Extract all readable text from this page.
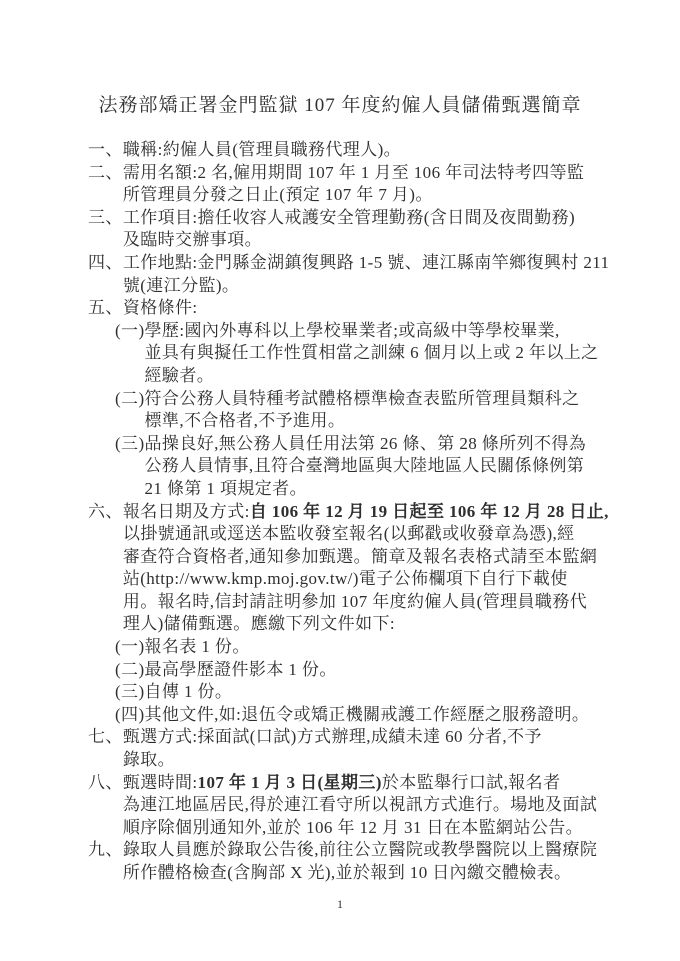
法務部矯正署金門監獄 107 年度約僱人員儲備甄選簡章
一、 職稱:約僱人員(管理員職務代理人)。
二、 需用名額:2 名,僱用期間 107 年 1 月至 106 年司法特考四等監
所管理員分發之日止(預定 107 年 7 月)。
三、 工作項目:擔任收容人戒護安全管理勤務(含日間及夜間勤務)
及臨時交辦事項。
四、 工作地點:金門縣金湖鎮復興路 1-5 號、連江縣南竿鄉復興村 211
號(連江分監)。
五、 資格條件:
(一) 學歷:國內外專科以上學校畢業者;或高級中等學校畢業,
並具有與擬任工作性質相當之訓練 6 個月以上或 2 年以上之
經驗者。
(二) 符合公務人員特種考試體格標準檢查表監所管理員類科之
標準,不合格者,不予進用。
(三) 品操良好,無公務人員任用法第 26 條、第 28 條所列不得為
公務人員情事,且符合臺灣地區與大陸地區人民關係條例第
21 條第 1 項規定者。
六、 報名日期及方式:自 106 年 12 月 19 日起至 106 年 12 月 28 日止,
以掛號通訊或逕送本監收發室報名(以郵戳或收發章為憑),經
審查符合資格者,通知參加甄選。簡章及報名表格式請至本監網
站(http://www.kmp.moj.gov.tw/)電子公佈欄項下自行下載使
用。報名時,信封請註明參加 107 年度約僱人員(管理員職務代
理人)儲備甄選。應繳下列文件如下:
(一) 報名表 1 份。
(二) 最高學歷證件影本 1 份。
(三) 自傳 1 份。
(四) 其他文件,如:退伍令或矯正機關戒護工作經歷之服務證明。
七、 甄選方式:採面試(口試)方式辦理,成績未達 60 分者,不予
錄取。
八、 甄選時間:107 年 1 月 3 日(星期三)於本監舉行口試,報名者
為連江地區居民,得於連江看守所以視訊方式進行。場地及面試
順序除個別通知外,並於 106 年 12 月 31 日在本監網站公告。
九、 錄取人員應於錄取公告後,前往公立醫院或教學醫院以上醫療院
所作體格檢查(含胸部 X 光),並於報到 10 日內繳交體檢表。
1
